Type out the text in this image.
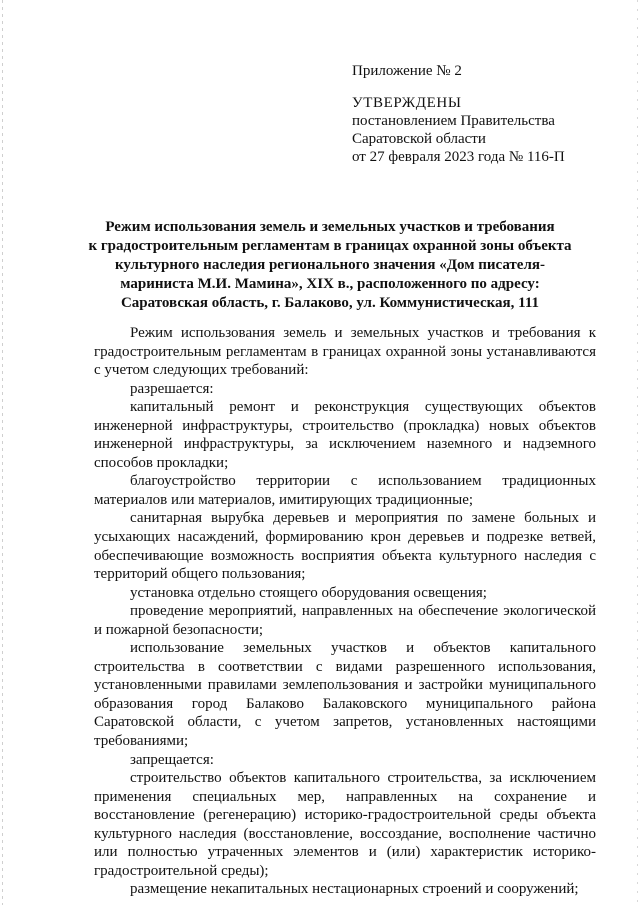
Приложение № 2
УТВЕРЖДЕНЫ
постановлением Правительства
Саратовской области
от 27 февраля 2023 года № 116-П
Режим использования земель и земельных участков и требования
к градостроительным регламентам в границах охранной зоны объекта
культурного наследия регионального значения «Дом писателя-
мариниста М.И. Мамина», XIX в., расположенного по адресу:
Саратовская область, г. Балаково, ул. Коммунистическая, 111

Режим использования земель и земельных участков и требования к градостроительным регламентам в границах охранной зоны устанавливаются с учетом следующих требований:

разрешается:

капитальный ремонт и реконструкция существующих объектов инженерной инфраструктуры, строительство (прокладка) новых объектов инженерной инфраструктуры, за исключением наземного и надземного способов прокладки;

благоустройство территории с использованием традиционных материалов или материалов, имитирующих традиционные;

санитарная вырубка деревьев и мероприятия по замене больных и усыхающих насаждений, формированию крон деревьев и подрезке ветвей, обеспечивающие возможность восприятия объекта культурного наследия с территорий общего пользования;

установка отдельно стоящего оборудования освещения;

проведение мероприятий, направленных на обеспечение экологической и пожарной безопасности;

использование земельных участков и объектов капитального строительства в соответствии с видами разрешенного использования, установленными правилами землепользования и застройки муниципального образования город Балаково Балаковского муниципального района Саратовской области, с учетом запретов, установленных настоящими требованиями;

запрещается:

строительство объектов капитального строительства, за исключением применения специальных мер, направленных на сохранение и восстановление (регенерацию) историко-градостроительной среды объекта культурного наследия (восстановление, воссоздание, восполнение частично или полностью утраченных элементов и (или) характеристик историко-градостроительной среды);

размещение некапитальных нестационарных строений и сооружений;
